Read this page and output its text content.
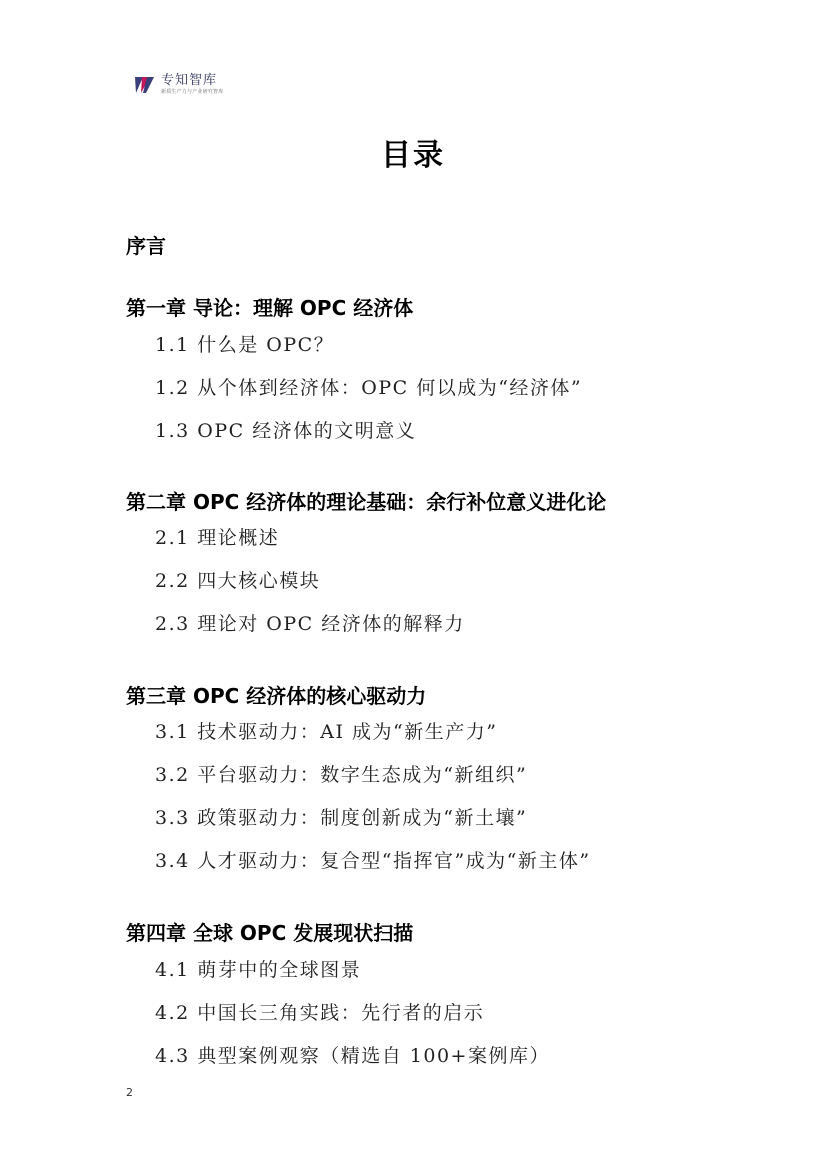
专知智库
新质生产力与产业研究智库
目录
序言
第一章 导论：理解 OPC 经济体
1.1 什么是 OPC？
1.2 从个体到经济体：OPC 何以成为“经济体”
1.3 OPC 经济体的文明意义
第二章 OPC 经济体的理论基础：余行补位意义进化论
2.1 理论概述
2.2 四大核心模块
2.3 理论对 OPC 经济体的解释力
第三章 OPC 经济体的核心驱动力
3.1 技术驱动力：AI 成为“新生产力”
3.2 平台驱动力：数字生态成为“新组织”
3.3 政策驱动力：制度创新成为“新土壤”
3.4 人才驱动力：复合型“指挥官”成为“新主体”
第四章 全球 OPC 发展现状扫描
4.1 萌芽中的全球图景
4.2 中国长三角实践：先行者的启示
4.3 典型案例观察（精选自 100+案例库）
2
